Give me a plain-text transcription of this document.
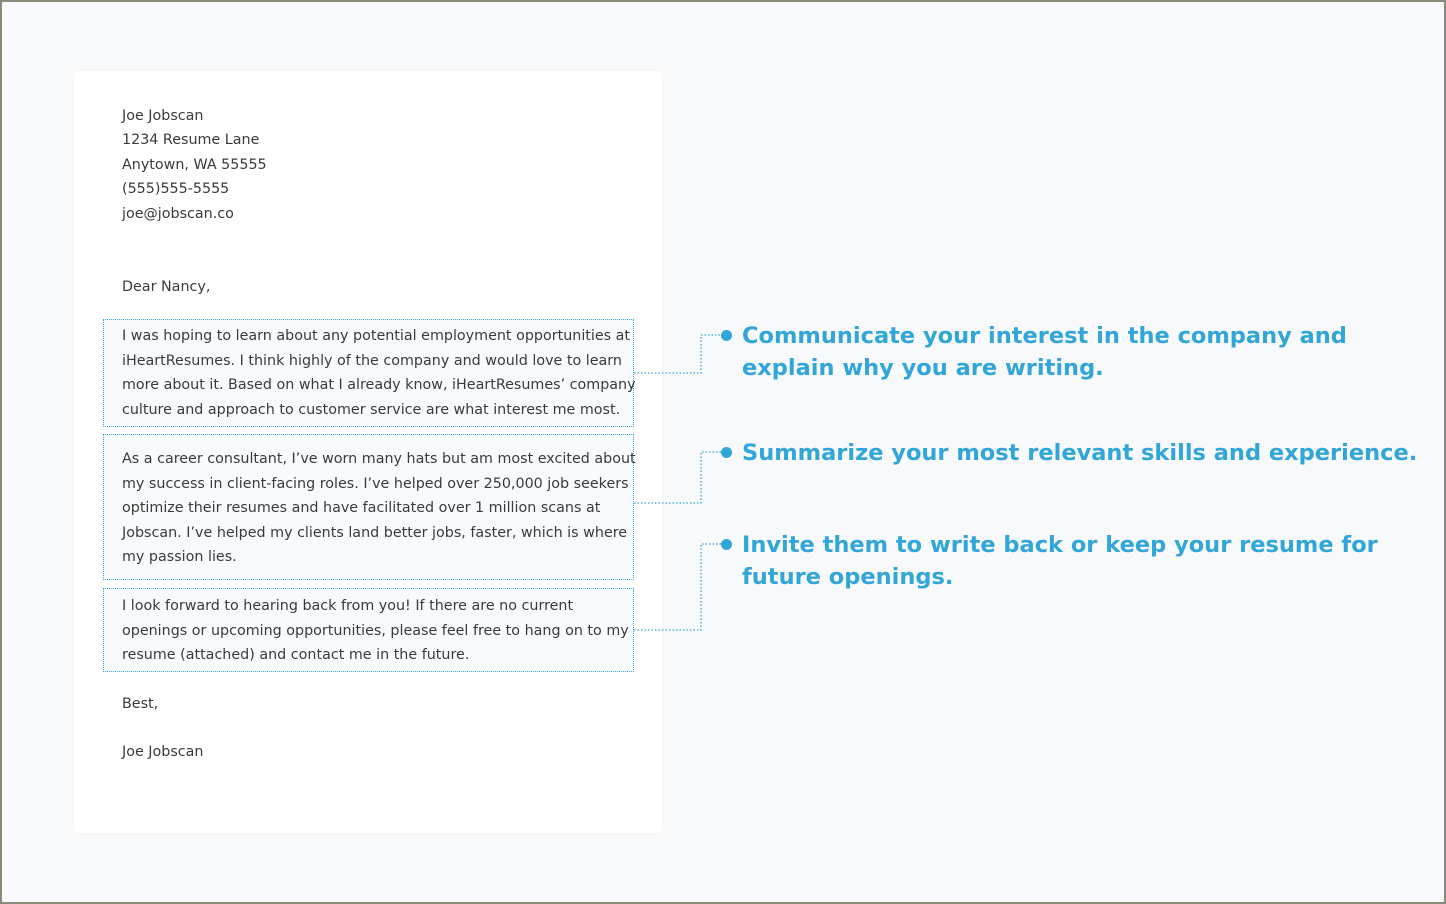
Joe Jobscan
1234 Resume Lane
Anytown, WA 55555
(555)555-5555
joe@jobscan.co
Dear Nancy,
I was hoping to learn about any potential employment opportunities at
iHeartResumes. I think highly of the company and would love to learn
more about it. Based on what I already know, iHeartResumes’ company
culture and approach to customer service are what interest me most.
As a career consultant, I’ve worn many hats but am most excited about
my success in client-facing roles. I’ve helped over 250,000 job seekers
optimize their resumes and have facilitated over 1 million scans at
Jobscan. I’ve helped my clients land better jobs, faster, which is where
my passion lies.
I look forward to hearing back from you! If there are no current
openings or upcoming opportunities, please feel free to hang on to my
resume (attached) and contact me in the future.
Best,
Joe Jobscan
Communicate your interest in the company and
explain why you are writing.
Summarize your most relevant skills and experience.
Invite them to write back or keep your resume for
future openings.
